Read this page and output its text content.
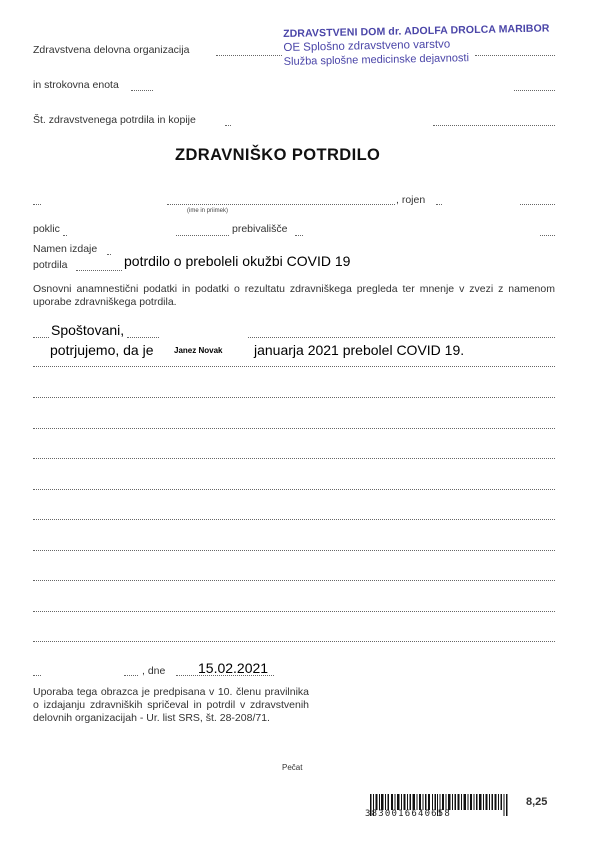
ZDRAVSTVENI DOM dr. ADOLFA DROLCA MARIBOR
OE Splošno zdravstveno varstvo
Služba splošne medicinske dejavnosti
Zdravstvena delovna organizacija
in strokovna enota
Št. zdravstvenega potrdila in kopije
ZDRAVNIŠKO POTRDILO
, rojen
(ime in priimek)
poklic	prebivališče
Namen izdaje
potrdila	potrdilo o preboleli okužbi COVID 19
Osnovni anamnestični podatki in podatki o rezultatu zdravniškega pregleda ter mnenje v zvezi z namenom uporabe zdravniškega potrdila.
Spoštovani,
potrjujemo, da je	Janez Novak januarja 2021 prebolel COVID 19.
, dne 15.02.2021
Uporaba tega obrazca je predpisana v 10. členu pravilnika o izdajanju zdravniških spričeval in potrdil v zdravstvenih delovnih organizacijah - Ur. list SRS, št. 28-208/71.
Pečat
3830016640658
8,25
